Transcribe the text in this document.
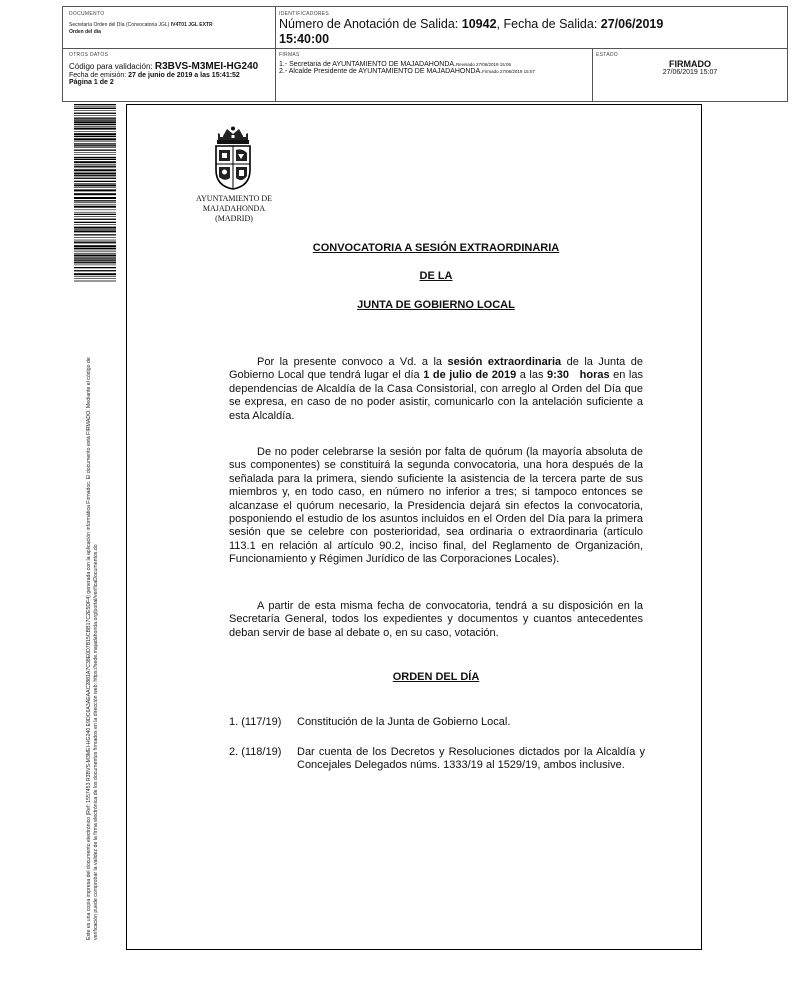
DOCUMENTO
Secretaría Orden del Día (Convocatoria JGL) IV4T01 JGL EXTR
Orden del día
IDENTIFICADORES
Número de Anotación de Salida: 10942, Fecha de Salida: 27/06/2019
15:40:00
OTROS DATOS
Código para validación: R3BVS-M3MEI-HG240
Fecha de emisión: 27 de junio de 2019 a las 15:41:52
Página 1 de 2
FIRMAS
1.- Secretaria de AYUNTAMIENTO DE MAJADAHONDA.Revisado 27/06/2019 15:06
2.- Alcalde Presidente de AYUNTAMIENTO DE MAJADAHONDA.Firmado 27/06/2019 15:07
ESTADO
FIRMADO
27/06/2019 15:07
Este es una copia impresa del documento electrónico (Ref: 1557453 R3BVS-M3MEI-HG240 E9DC6A3AEAAC2881A7C38E0D7B15CBB17C2E5DF4) generada con la aplicación informática Firmadoc. El documento está FIRMADO. Mediante el código de verificación puede comprobar la validez de la firma electrónica de los documentos firmados en la dirección web: https://sede.majadahonda.org/portal/verificaDocumentos.do
AYUNTAMIENTO DE
MAJADAHONDA
(MADRID)
CONVOCATORIA A SESIÓN EXTRAORDINARIA
DE LA
JUNTA DE GOBIERNO LOCAL
Por la presente convoco a Vd. a la sesión extraordinaria de la Junta de Gobierno Local que tendrá lugar el día 1 de julio de 2019 a las 9:30   horas en las dependencias de Alcaldía de la Casa Consistorial, con arreglo al Orden del Día que se expresa, en caso de no poder asistir, comunicarlo con la antelación suficiente a esta Alcaldía.
De no poder celebrarse la sesión por falta de quórum (la mayoría absoluta de sus componentes) se constituirá la segunda convocatoria, una hora después de la señalada para la primera, siendo suficiente la asistencia de la tercera parte de sus miembros y, en todo caso, en número no inferior a tres; si tampoco entonces se alcanzase el quórum necesario, la Presidencia dejará sin efectos la convocatoria, posponiendo el estudio de los asuntos incluidos en el Orden del Día para la primera sesión que se celebre con posterioridad, sea ordinaria o extraordinaria (artículo 113.1 en relación al artículo 90.2, inciso final, del Reglamento de Organización, Funcionamiento y Régimen Jurídico de las Corporaciones Locales).
A partir de esta misma fecha de convocatoria, tendrá a su disposición en la Secretaría General, todos los expedientes y documentos y cuantos antecedentes deban servir de base al debate o, en su caso, votación.
ORDEN DEL DÍA
1. (117/19)	Constitución de la Junta de Gobierno Local.
2. (118/19)	Dar cuenta de los Decretos y Resoluciones dictados por la Alcaldía y Concejales Delegados núms. 1333/19 al 1529/19, ambos inclusive.
